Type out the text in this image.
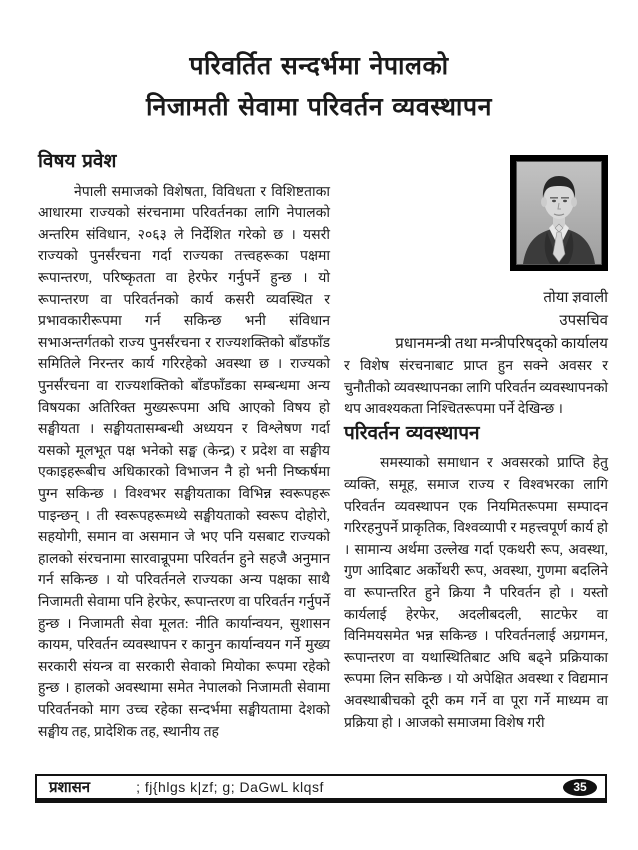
परिवर्तित सन्दर्भमा नेपालको
निजामती सेवामा परिवर्तन व्यवस्थापन
विषय प्रवेश

नेपाली समाजको विशेषता, विविधता र विशिष्टताका आधारमा राज्यको संरचनामा परिवर्तनका लागि नेपालको अन्तरिम संविधान, २०६३ ले निर्देशित गरेको छ । यसरी राज्यको पुनर्संरचना गर्दा राज्यका तत्त्वहरूका पक्षमा रूपान्तरण, परिष्कृतता वा हेरफेर गर्नुपर्ने हुन्छ । यो रूपान्तरण वा परिवर्तनको कार्य कसरी व्यवस्थित र प्रभावकारीरूपमा गर्न सकिन्छ भनी संविधान सभाअन्तर्गतको राज्य पुनर्संरचना र राज्यशक्तिको बाँडफाँड समितिले निरन्तर कार्य गरिरहेको अवस्था छ । राज्यको पुनर्संरचना वा राज्यशक्तिको बाँडफाँडका सम्बन्धमा अन्य विषयका अतिरिक्त मुख्यरूपमा अघि आएको विषय हो सङ्घीयता । सङ्घीयतासम्बन्धी अध्ययन र विश्लेषण गर्दा यसको मूलभूत पक्ष भनेको सङ्घ (केन्द्र) र प्रदेश वा सङ्घीय एकाइहरूबीच अधिकारको विभाजन नै हो भनी निष्कर्षमा पुग्न सकिन्छ । विश्वभर सङ्घीयताका विभिन्न स्वरूपहरू पाइन्छन् । ती स्वरूपहरूमध्ये सङ्घीयताको स्वरूप दोहोरो, सहयोगी, समान वा असमान जे भए पनि यसबाट राज्यको हालको संरचनामा सारवान्रूपमा परिवर्तन हुने सहजै अनुमान गर्न सकिन्छ । यो परिवर्तनले राज्यका अन्य पक्षका साथै निजामती सेवामा पनि हेरफेर, रूपान्तरण वा परिवर्तन गर्नुपर्ने हुन्छ । निजामती सेवा मूलत: नीति कार्यान्वयन, सुशासन कायम, परिवर्तन व्यवस्थापन र कानुन कार्यान्वयन गर्ने मुख्य सरकारी संयन्त्र वा सरकारी सेवाको मियोका रूपमा रहेको हुन्छ । हालको अवस्थामा समेत नेपालको निजामती सेवामा परिवर्तनको माग उच्च रहेका सन्दर्भमा सङ्घीयतामा देशको सङ्घीय तह, प्रादेशिक तह, स्थानीय तह

तोया ज्ञवाली
उपसचिव
प्रधानमन्त्री तथा मन्त्रीपरिषद्को कार्यालय

र विशेष संरचनाबाट प्राप्त हुन सक्ने अवसर र चुनौतीको व्यवस्थापनका लागि परिवर्तन व्यवस्थापनको थप आवश्यकता निश्चितरूपमा पर्ने देखिन्छ ।

परिवर्तन व्यवस्थापन

समस्याको समाधान र अवसरको प्राप्ति हेतु व्यक्ति, समूह, समाज राज्य र विश्वभरका लागि परिवर्तन व्यवस्थापन एक नियमितरूपमा सम्पादन गरिरहनुपर्ने प्राकृतिक, विश्वव्यापी र महत्त्वपूर्ण कार्य हो । सामान्य अर्थमा उल्लेख गर्दा एकथरी रूप, अवस्था, गुण आदिबाट अर्कोथरी रूप, अवस्था, गुणमा बदलिने वा रूपान्तरित हुने क्रिया नै परिवर्तन हो । यस्तो कार्यलाई हेरफेर, अदलीबदली, साटफेर वा विनिमयसमेत भन्न सकिन्छ । परिवर्तनलाई अग्रगमन, रूपान्तरण वा यथास्थितिबाट अघि बढ्ने प्रक्रियाका रूपमा लिन सकिन्छ । यो अपेक्षित अवस्था र विद्यमान अवस्थाबीचको दूरी कम गर्ने वा पूरा गर्ने माध्यम वा प्रक्रिया हो । आजको समाजमा विशेष गरी

प्रशासन	; fj{hlgs k|zf; g; DaGwL klqsf	35
